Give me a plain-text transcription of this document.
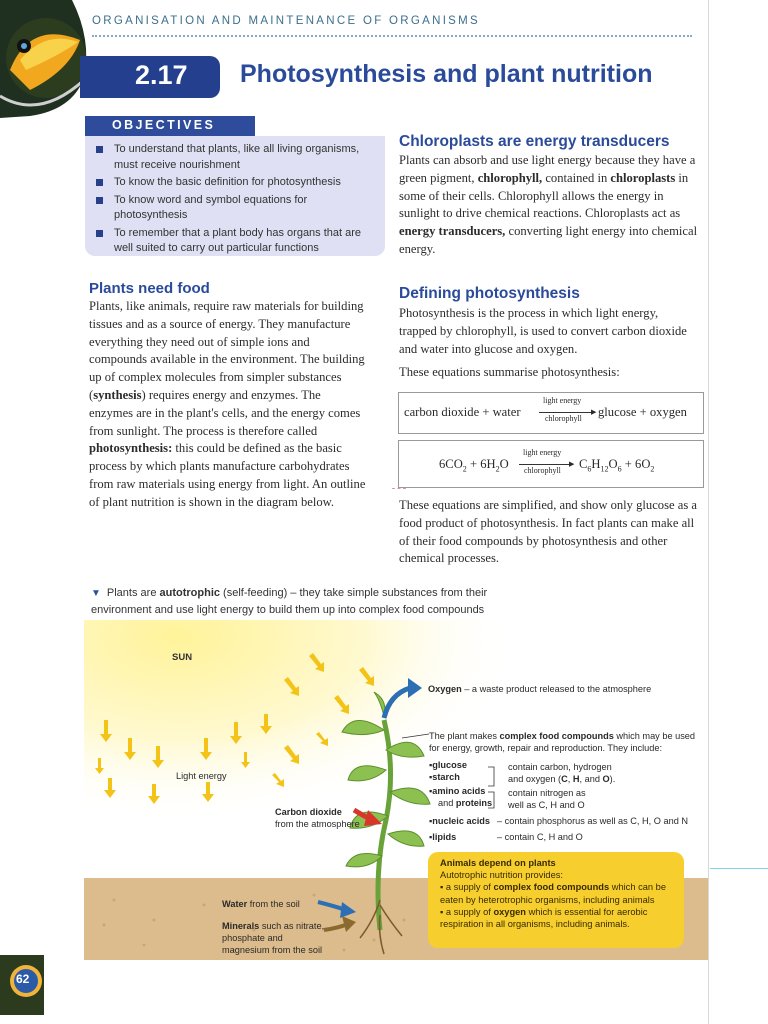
ORGANISATION AND MAINTENANCE OF ORGANISMS
2.17 Photosynthesis and plant nutrition
OBJECTIVES
To understand that plants, like all living organisms, must receive nourishment
To know the basic definition for photosynthesis
To know word and symbol equations for photosynthesis
To remember that a plant body has organs that are well suited to carry out particular functions
Plants need food

Plants, like animals, require raw materials for building tissues and as a source of energy. They manufacture everything they need out of simple ions and compounds available in the environment. The building up of complex molecules from simpler substances (synthesis) requires energy and enzymes. The enzymes are in the plant's cells, and the energy comes from sunlight. The process is therefore called photosynthesis: this could be defined as the basic process by which plants manufacture carbohydrates from raw materials using energy from light. An outline of plant nutrition is shown in the diagram below.

Chloroplasts are energy transducers

Plants can absorb and use light energy because they have a green pigment, chlorophyll, contained in chloroplasts in some of their cells. Chlorophyll allows the energy in sunlight to drive chemical reactions. Chloroplasts act as energy transducers, converting light energy into chemical energy.

Defining photosynthesis

Photosynthesis is the process in which light energy, trapped by chlorophyll, is used to convert carbon dioxide and water into glucose and oxygen.

These equations summarise photosynthesis:

carbon dioxide + water
light energy
▶
chlorophyll glucose + oxygen
$6CO_2 + 6H_2O$
light energy
▶
chlorophyll $C_6H_{12}O_6 + 6O_2$

These equations are simplified, and show only glucose as a food product of photosynthesis. In fact plants can make all of their food compounds by photosynthesis and other chemical processes.

▼ Plants are autotrophic (self-feeding) – they take simple substances from their environment and use light energy to build them up into complex food compounds
SUN
Light energy
Oxygen – a waste product released to the atmosphere
Carbon dioxide
from the atmosphere
Water from the soil
Minerals such as nitrate, phosphate and magnesium from the soil
The plant makes complex food compounds which may be used for energy, growth, repair and reproduction. They include:
▪glucose
▪starch
contain carbon, hydrogen
and oxygen (C, H, and O).
▪amino acids
and proteins
contain nitrogen as
well as C, H and O
▪nucleic acids – contain phosphorus as well as C, H, O and N
▪lipids	– contain C, H and O

Animals depend on plants

Autotrophic nutrition provides:

▪ a supply of complex food compounds which can be eaten by heterotrophic organisms, including animals

▪ a supply of oxygen which is essential for aerobic respiration in all organisms, including animals.

62
